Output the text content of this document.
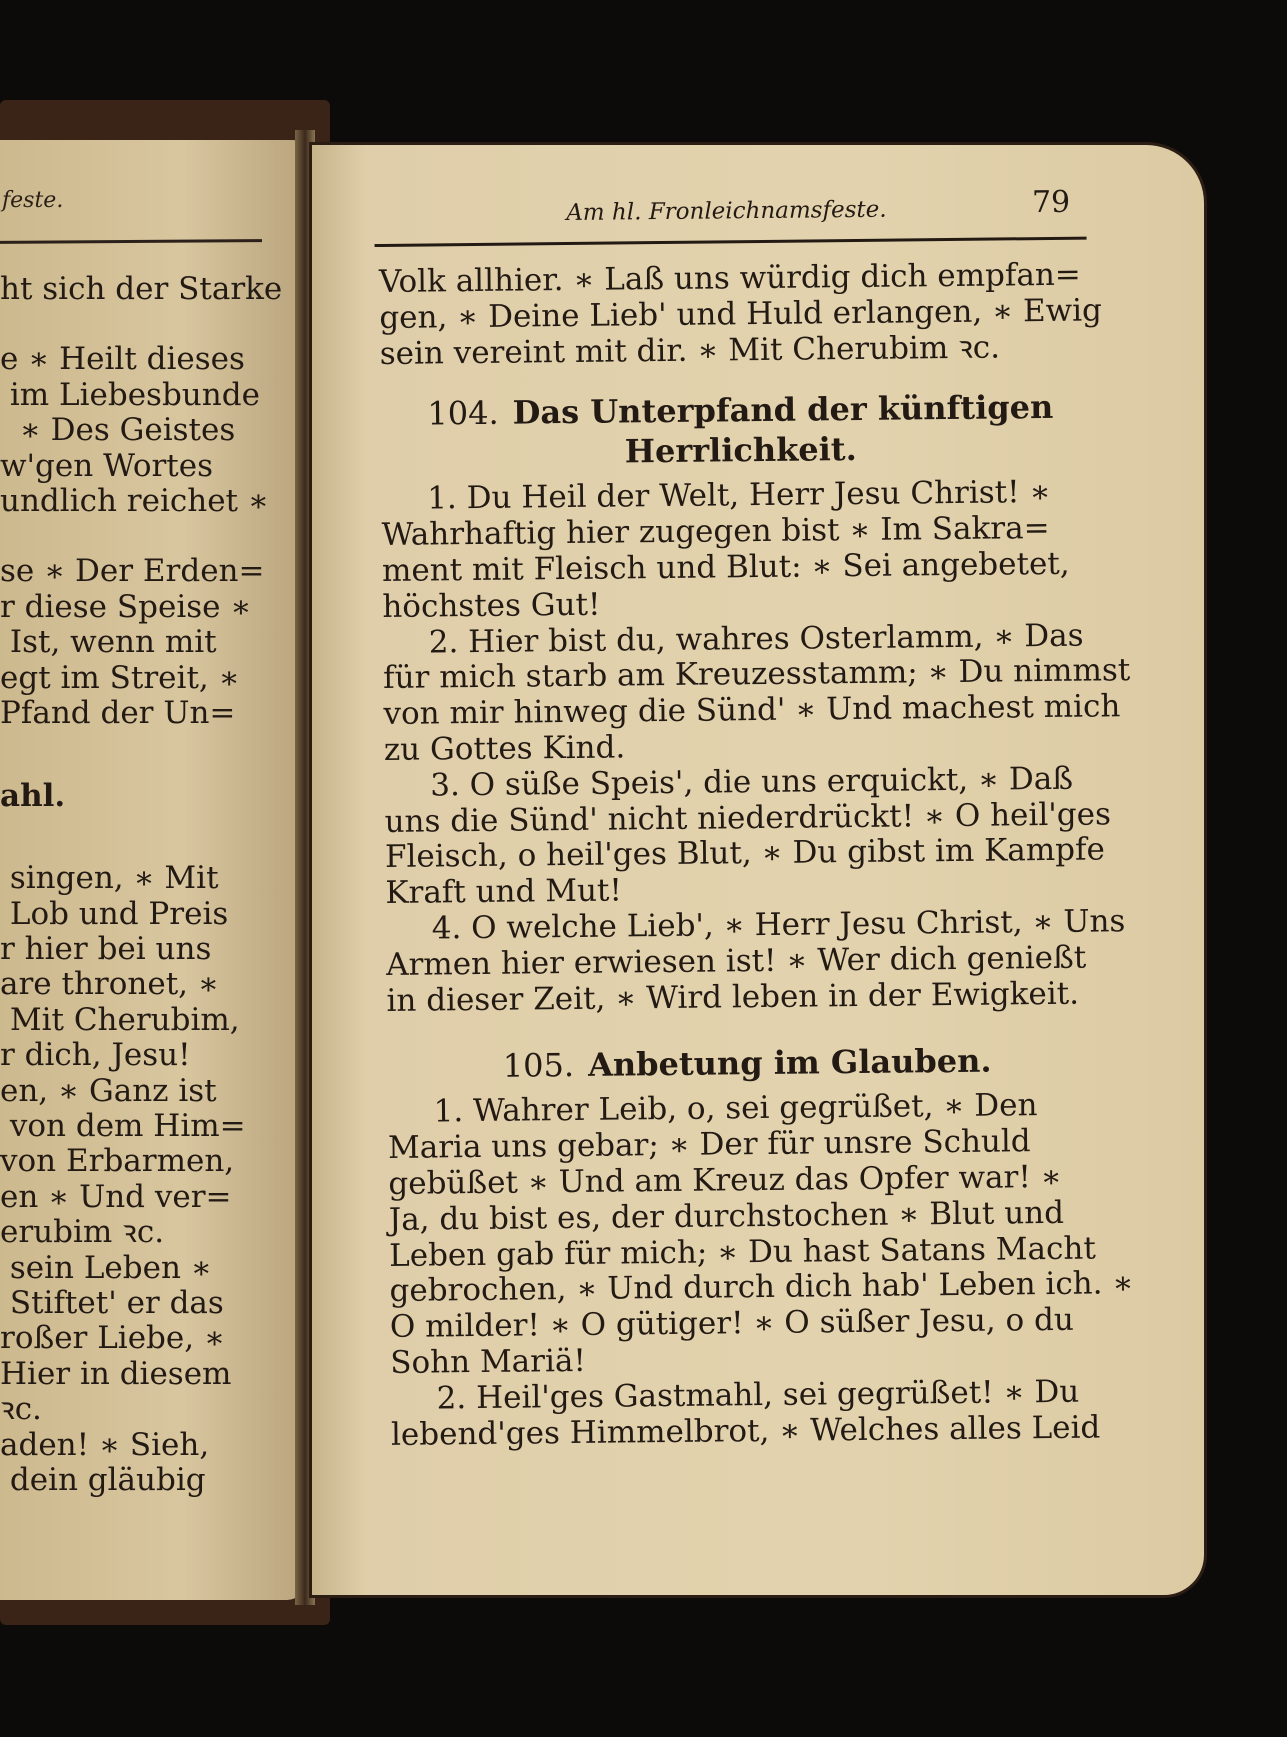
feste.
ht sich der Starke
e ∗ Heilt dieses
im Liebesbunde
∗ Des Geistes
w'gen Wortes
undlich reichet ∗
se ∗ Der Erden=
r diese Speise ∗
Ist, wenn mit
egt im Streit, ∗
Pfand der Un=
ahl.
singen, ∗ Mit
Lob und Preis
r hier bei uns
are thronet, ∗
Mit Cherubim,
r dich, Jesu!
en, ∗ Ganz ist
von dem Him=
von Erbarmen,
en ∗ Und ver=
erubim ꝛc.
sein Leben ∗
Stiftet' er das
roßer Liebe, ∗
Hier in diesem
ꝛc.
aden! ∗ Sieh,
dein gläubig
Am hl. Fronleichnamsfeste.	79
Volk allhier. ∗ Laß uns würdig dich empfan=
gen, ∗ Deine Lieb' und Huld erlangen, ∗ Ewig
sein vereint mit dir. ∗ Mit Cherubim ꝛc.
104. Das Unterpfand der künftigen
Herrlichkeit.
1. Du Heil der Welt, Herr Jesu Christ! ∗
Wahrhaftig hier zugegen bist ∗ Im Sakra=
ment mit Fleisch und Blut: ∗ Sei angebetet,
höchstes Gut!
2. Hier bist du, wahres Osterlamm, ∗ Das
für mich starb am Kreuzesstamm; ∗ Du nimmst
von mir hinweg die Sünd' ∗ Und machest mich
zu Gottes Kind.
3. O süße Speis', die uns erquickt, ∗ Daß
uns die Sünd' nicht niederdrückt! ∗ O heil'ges
Fleisch, o heil'ges Blut, ∗ Du gibst im Kampfe
Kraft und Mut!
4. O welche Lieb', ∗ Herr Jesu Christ, ∗ Uns
Armen hier erwiesen ist! ∗ Wer dich genießt
in dieser Zeit, ∗ Wird leben in der Ewigkeit.
105. Anbetung im Glauben.
1. Wahrer Leib, o, sei gegrüßet, ∗ Den
Maria uns gebar; ∗ Der für unsre Schuld
gebüßet ∗ Und am Kreuz das Opfer war! ∗
Ja, du bist es, der durchstochen ∗ Blut und
Leben gab für mich; ∗ Du hast Satans Macht
gebrochen, ∗ Und durch dich hab' Leben ich. ∗
O milder! ∗ O gütiger! ∗ O süßer Jesu, o du
Sohn Mariä!
2. Heil'ges Gastmahl, sei gegrüßet! ∗ Du
lebend'ges Himmelbrot, ∗ Welches alles Leid
